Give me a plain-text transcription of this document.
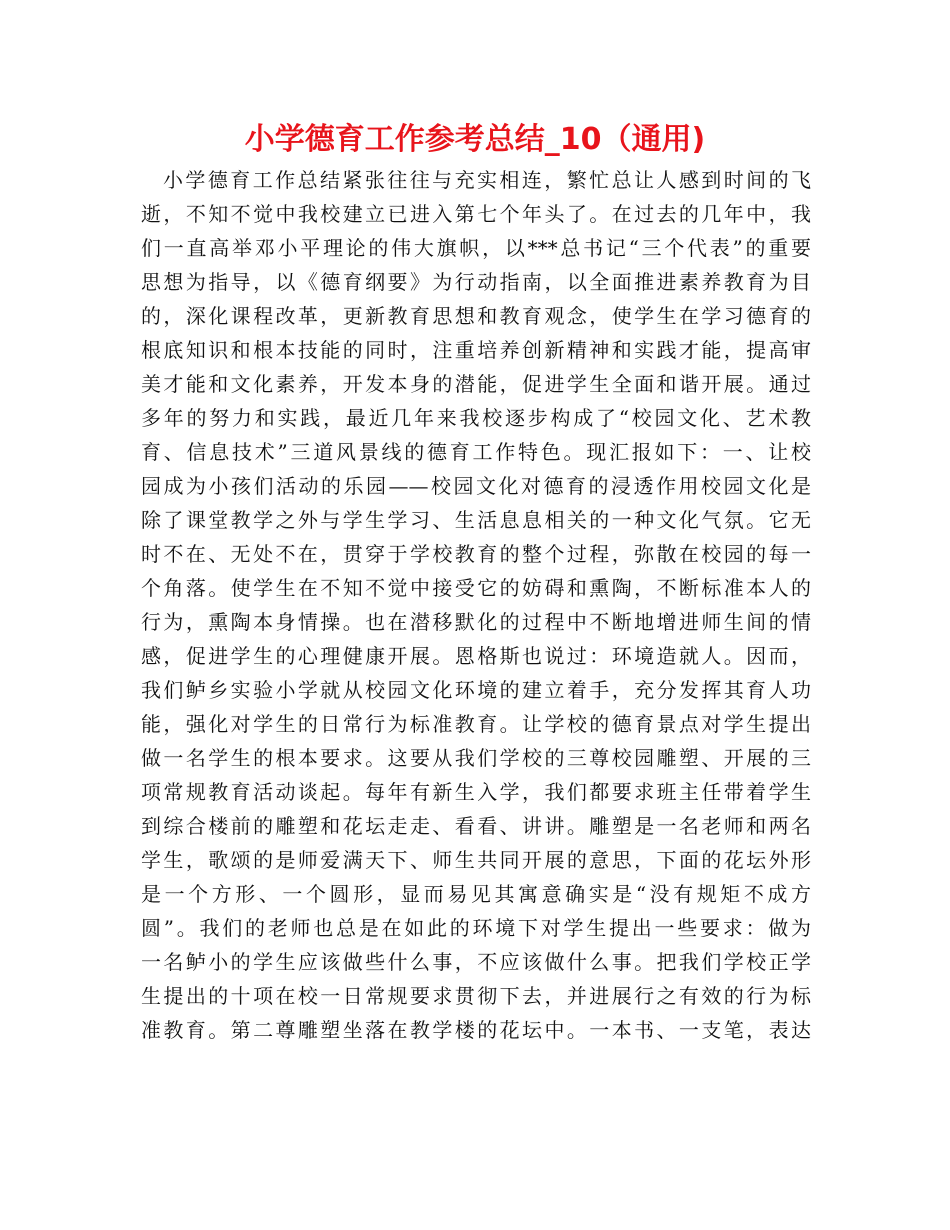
小学德育工作参考总结_10（通用)
小学德育工作总结紧张往往与充实相连，繁忙总让人感到时间的飞
逝，不知不觉中我校建立已进入第七个年头了。在过去的几年中，我
们一直高举邓小平理论的伟大旗帜，以***总书记“三个代表”的重要
思想为指导，以《德育纲要》为行动指南，以全面推进素养教育为目
的，深化课程改革，更新教育思想和教育观念，使学生在学习德育的
根底知识和根本技能的同时，注重培养创新精神和实践才能，提高审
美才能和文化素养，开发本身的潜能，促进学生全面和谐开展。通过
多年的努力和实践，最近几年来我校逐步构成了“校园文化、艺术教
育、信息技术”三道风景线的德育工作特色。现汇报如下：一、让校
园成为小孩们活动的乐园——校园文化对德育的浸透作用校园文化是
除了课堂教学之外与学生学习、生活息息相关的一种文化气氛。它无
时不在、无处不在，贯穿于学校教育的整个过程，弥散在校园的每一
个角落。使学生在不知不觉中接受它的妨碍和熏陶，不断标准本人的
行为，熏陶本身情操。也在潜移默化的过程中不断地增进师生间的情
感，促进学生的心理健康开展。恩格斯也说过：环境造就人。因而，
我们鲈乡实验小学就从校园文化环境的建立着手，充分发挥其育人功
能，强化对学生的日常行为标准教育。让学校的德育景点对学生提出
做一名学生的根本要求。这要从我们学校的三尊校园雕塑、开展的三
项常规教育活动谈起。每年有新生入学，我们都要求班主任带着学生
到综合楼前的雕塑和花坛走走、看看、讲讲。雕塑是一名老师和两名
学生，歌颂的是师爱满天下、师生共同开展的意思，下面的花坛外形
是一个方形、一个圆形，显而易见其寓意确实是“没有规矩不成方
圆”。我们的老师也总是在如此的环境下对学生提出一些要求：做为
一名鲈小的学生应该做些什么事，不应该做什么事。把我们学校正学
生提出的十项在校一日常规要求贯彻下去，并进展行之有效的行为标
准教育。第二尊雕塑坐落在教学楼的花坛中。一本书、一支笔，表达
